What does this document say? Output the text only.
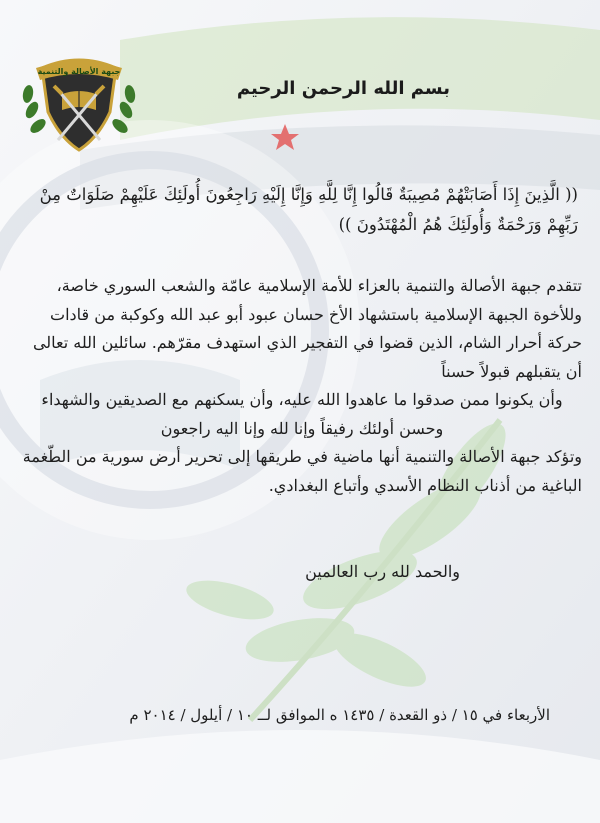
جبهة الأصالة والتنمية
بسم الله الرحمن الرحيم
(( الَّذِينَ إِذَا أَصَابَتْهُمْ مُصِيبَةٌ قَالُوا إِنَّا لِلَّهِ وَإِنَّا إِلَيْهِ رَاجِعُونَ أُولَئِكَ عَلَيْهِمْ صَلَوَاتٌ مِنْ رَبِّهِمْ وَرَحْمَةٌ وَأُولَئِكَ هُمُ الْمُهْتَدُونَ ))

تتقدم جبهة الأصالة والتنمية بالعزاء للأمة الإسلامية عامّة والشعب السوري خاصة، وللأخوة الجبهة الإسلامية باستشهاد الأخ حسان عبود أبو عبد الله وكوكبة من قادات حركة أحرار الشام، الذين قضوا في التفجير الذي استهدف مقرّهم. سائلين الله تعالى أن يتقبلهم قبولاً حسناً

وأن يكونوا ممن صدقوا ما عاهدوا الله عليه، وأن يسكنهم مع الصديقين والشهداء وحسن أولئك رفيقاً وإنا لله وإنا اليه راجعون

وتؤكد جبهة الأصالة والتنمية أنها ماضية في طريقها إلى تحرير أرض سورية من الطّغمة الباغية من أذناب النظام الأسدي وأتباع البغدادي.

والحمد لله رب العالمين
الأربعاء في ١٥ / ذو القعدة / ١٤٣٥ ه الموافق لــ ١٠ / أيلول / ٢٠١٤ م
